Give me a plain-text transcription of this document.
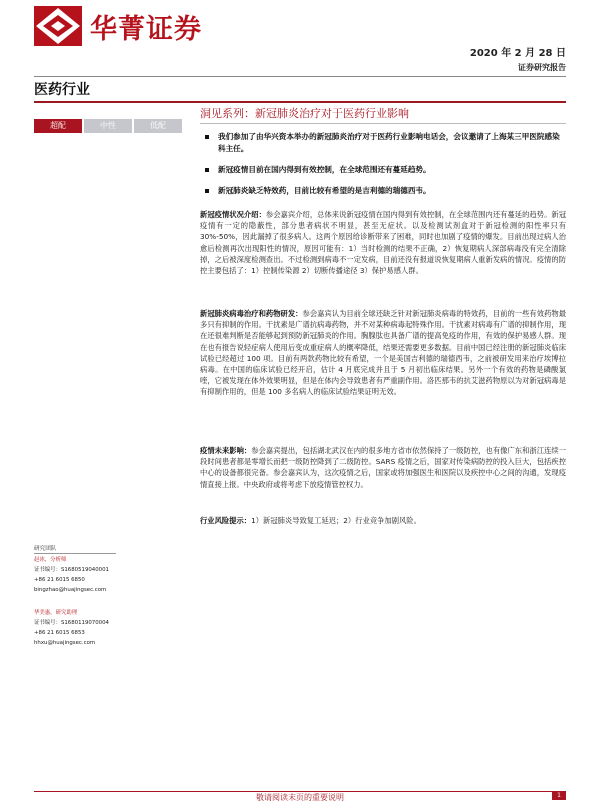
华菁证券
2020 年 2 月 28 日
证券研究报告
医药行业
超配	中性	低配
洞见系列：新冠肺炎治疗对于医药行业影响
我们参加了由华兴资本举办的新冠肺炎治疗对于医药行业影响电话会，会议邀请了上海某三甲医院感染科主任。
新冠疫情目前在国内得到有效控制，在全球范围还有蔓延趋势。
新冠肺炎缺乏特效药，目前比较有希望的是吉利德的瑞德西韦。

新冠疫情状况介绍：参会嘉宾介绍，总体来说新冠疫情在国内得到有效控制，在全球范围内还有蔓延的趋势。新冠疫情有一定的隐蔽性，部分患者病状不明显，甚至无症状。以及检测试剂盒对于新冠检测的阳性率只有 30%-50%，因此漏掉了很多病人。这两个原因给诊断带来了困难，同时也加剧了疫情的爆发。目前出现过病人治愈后检测再次出现阳性的情况，原因可能有：1）当时检测的结果不正确，2）恢复期病人深部病毒没有完全清除掉，之后被深度检测查出。不过检测到病毒不一定发病，目前还没有报道说恢复期病人重新发病的情况。疫情的防控主要包括了：1）控制传染源 2）切断传播途径 3）保护易感人群。

新冠肺炎病毒治疗和药物研发：参会嘉宾认为目前全球还缺乏针对新冠肺炎病毒的特效药，目前的一些有效药物最多只有抑制的作用。干扰素是广谱抗病毒药物，并不对某种病毒起特殊作用。干扰素对病毒有广谱的抑制作用，现在还很难判断是否能够起到预防新冠肺炎的作用。胸腺肽也具备广谱的提高免疫的作用，有效的保护易感人群。现在也有报告说轻症病人使用后变成重症病人的概率降低，结果还需要更多数据。目前中国已经注册的新冠肺炎临床试验已经超过 100 项。目前有两款药物比较有希望，一个是美国吉利德的瑞德西韦，之前被研发用来治疗埃博拉病毒。在中国的临床试验已经开启，估计 4 月底完成并且于 5 月初出临床结果。另外一个有效的药物是磷酸氯喹，它被发现在体外效果明显，但是在体内会导致患者有严重副作用。洛匹那韦的抗艾滋药物原以为对新冠病毒是有抑制作用的，但是 100 多名病人的临床试验结果证明无效。

疫情未来影响：参会嘉宾提出，包括湖北武汉在内的很多地方省市依然保持了一级防控，也有像广东和浙江连续一段时间患者都是零增长而把一级防控降到了二级防控。SARS 疫情之后，国家对传染病防控的投入巨大，包括疾控中心的设备都很完备。参会嘉宾认为，这次疫情之后，国家或将加强医生和医院以及疾控中心之间的沟通，发现疫情直接上报。中央政府或将考虑下放疫情管控权力。

行业风险提示：1）新冠肺炎导致复工延迟；2）行业竞争加剧风险。

研究团队
赵冰，分析师
证书编号：S1680519040001
+86 21 6015 6850
bingzhao@huajingsec.com
华美惠，研究助理
证书编号：S1680119070004
+86 21 6015 6853
hhxu@huajingsec.com
敬请阅读末页的重要说明	1
